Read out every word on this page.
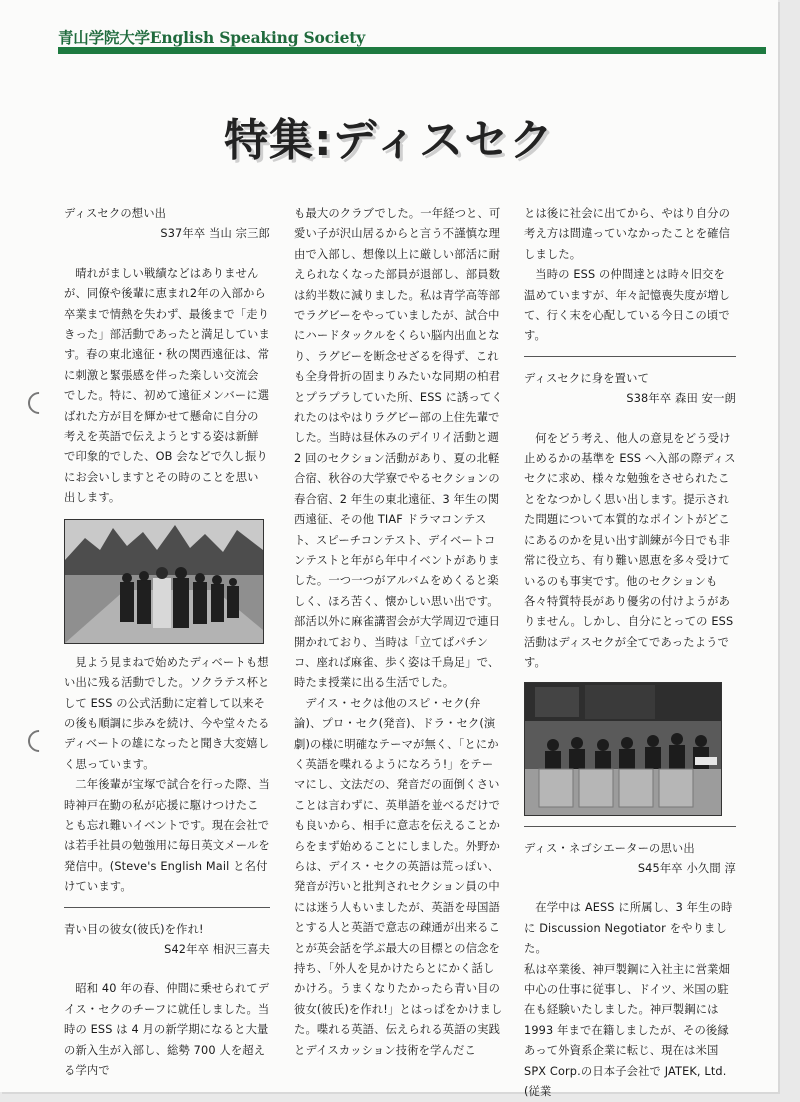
青山学院大学English Speaking Society
特集:ディスセク

ディスセクの想い出

S37年卒 当山 宗三郎

晴れがましい戦績などはありませんが、同僚や後輩に恵まれ2年の入部から卒業まで情熱を失わず、最後まで「走りきった」部活動であったと満足しています。春の東北遠征・秋の関西遠征は、常に刺激と緊張感を伴った楽しい交流会でした。特に、初めて遠征メンバーに選ばれた方が目を輝かせて懸命に自分の考えを英語で伝えようとする姿は新鮮で印象的でした、OB 会などで久し振りにお会いしますとその時のことを思い出します。

見よう見まねで始めたディベートも想い出に残る活動でした。ソクラテス杯として ESS の公式活動に定着して以来その後も順調に歩みを続け、今や堂々たるディベートの雄になったと聞き大変嬉しく思っています。

二年後輩が宝塚で試合を行った際、当時神戸在勤の私が応援に駆けつけたことも忘れ難いイベントです。現在会社では若手社員の勉強用に毎日英文メールを発信中。(Steve's English Mail と名付けています。

青い目の彼女(彼氏)を作れ!

S42年卒 相沢三喜夫

昭和 40 年の春、仲間に乗せられてデイス・セクのチーフに就任しました。当時の ESS は 4 月の新学期になると大量の新入生が入部し、総勢 700 人を超える学内で

も最大のクラブでした。一年経つと、可愛い子が沢山居るからと言う不謹慎な理由で入部し、想像以上に厳しい部活に耐えられなくなった部員が退部し、部員数は約半数に減りました。私は青学高等部でラグビーをやっていましたが、試合中にハードタックルをくらい脳内出血となり、ラグビーを断念せざるを得ず、これも全身骨折の固まりみたいな同期の柏君とプラプラしていた所、ESS に誘ってくれたのはやはりラグビー部の上住先輩でした。当時は昼休みのデイリイ活動と週 2 回のセクション活動があり、夏の北軽合宿、秋谷の大学寮でやるセクションの春合宿、2 年生の東北遠征、3 年生の関西遠征、その他 TIAF ドラマコンテスト、スピーチコンテスト、デイベートコンテストと年がら年中イベントがありました。一つ一つがアルバムをめくると楽しく、ほろ苦く、懐かしい思い出です。部活以外に麻雀講習会が大学周辺で連日開かれており、当時は「立てばパチンコ、座れば麻雀、歩く姿は千鳥足」で、時たま授業に出る生活でした。

デイス・セクは他のスピ・セク(弁論)、プロ・セク(発音)、ドラ・セク(演劇)の様に明確なテーマが無く、「とにかく英語を喋れるようになろう!」をテーマにし、文法だの、発音だの面倒くさいことは言わずに、英単語を並べるだけでも良いから、相手に意志を伝えることからをまず始めることにしました。外野からは、デイス・セクの英語は荒っぽい、発音が汚いと批判されセクション員の中には迷う人もいましたが、英語を母国語とする人と英語で意志の疎通が出来ることが英会話を学ぶ最大の目標との信念を持ち、「外人を見かけたらとにかく話しかけろ。うまくなりたかったら青い目の彼女(彼氏)を作れ!」とはっぱをかけました。喋れる英語、伝えられる英語の実践とデイスカッション技術を学んだこ

とは後に社会に出てから、やはり自分の考え方は間違っていなかったことを確信しました。

当時の ESS の仲間達とは時々旧交を温めていますが、年々記憶喪失度が増して、行く末を心配している今日この頃です。

ディスセクに身を置いて

S38年卒 森田 安一朗

何をどう考え、他人の意見をどう受け止めるかの基準を ESS へ入部の際ディスセクに求め、様々な勉強をさせられたことをなつかしく思い出します。提示された問題について本質的なポイントがどこにあるのかを見い出す訓練が今日でも非常に役立ち、有り難い恩恵を多々受けているのも事実です。他のセクションも各々特質特長があり優劣の付けようがありません。しかし、自分にとっての ESS 活動はディスセクが全てであったようです。

ディス・ネゴシエーターの思い出

S45年卒 小久間 淳

在学中は AESS に所属し、3 年生の時に Discussion Negotiator をやりました。

私は卒業後、神戸製鋼に入社主に営業畑中心の仕事に従事し、ドイツ、米国の駐在も経験いたしました。神戸製鋼には 1993 年まで在籍しましたが、その後縁あって外資系企業に転じ、現在は米国 SPX Corp.の日本子会社で JATEK, Ltd.(従業
